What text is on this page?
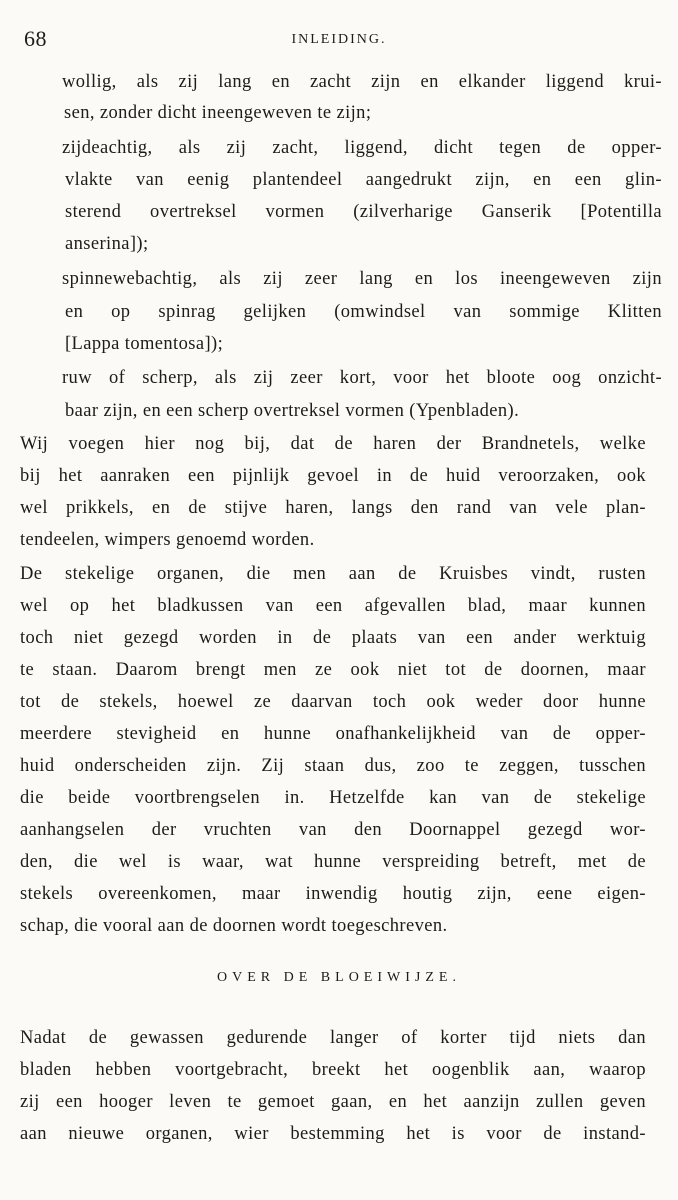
68	INLEIDING.
wollig, als zij lang en zacht zijn en elkander liggend krui-
sen, zonder dicht ineengeweven te zijn;
zijdeachtig, als zij zacht, liggend, dicht tegen de opper-
vlakte van eenig plantendeel aangedrukt zijn, en een glin-
sterend overtreksel vormen (zilverharige Ganserik [Potentilla
anserina]);
spinnewebachtig, als zij zeer lang en los ineengeweven zijn
en op spinrag gelijken (omwindsel van sommige Klitten
[Lappa tomentosa]);
ruw of scherp, als zij zeer kort, voor het bloote oog onzicht-
baar zijn, en een scherp overtreksel vormen (Ypenbladen).
Wij voegen hier nog bij, dat de haren der Brandnetels, welke
bij het aanraken een pijnlijk gevoel in de huid veroorzaken, ook
wel prikkels, en de stijve haren, langs den rand van vele plan-
tendeelen, wimpers genoemd worden.
De stekelige organen, die men aan de Kruisbes vindt, rusten
wel op het bladkussen van een afgevallen blad, maar kunnen
toch niet gezegd worden in de plaats van een ander werktuig
te staan. Daarom brengt men ze ook niet tot de doornen, maar
tot de stekels, hoewel ze daarvan toch ook weder door hunne
meerdere stevigheid en hunne onafhankelijkheid van de opper-
huid onderscheiden zijn. Zij staan dus, zoo te zeggen, tusschen
die beide voortbrengselen in. Hetzelfde kan van de stekelige
aanhangselen der vruchten van den Doornappel gezegd wor-
den, die wel is waar, wat hunne verspreiding betreft, met de
stekels overeenkomen, maar inwendig houtig zijn, eene eigen-
schap, die vooral aan de doornen wordt toegeschreven.
OVER DE BLOEIWIJZE.
Nadat de gewassen gedurende langer of korter tijd niets dan
bladen hebben voortgebracht, breekt het oogenblik aan, waarop
zij een hooger leven te gemoet gaan, en het aanzijn zullen geven
aan nieuwe organen, wier bestemming het is voor de instand-
